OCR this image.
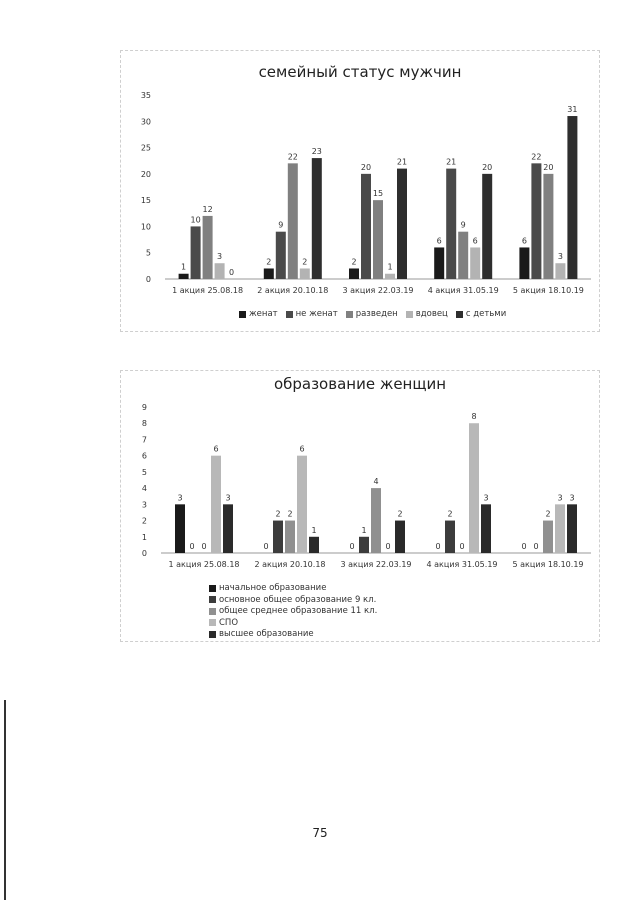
семейный статус мужчин
0
5
10
15
20
25
30
35
1
10
12
3
0
1 акция 25.08.18
2
9
22
2
23
2 акция 20.10.18
2
20
15
1
21
3 акция 22.03.19
6
21
9
6
20
4 акция 31.05.19
6
22
20
3
31
5 акция 18.10.19
женат не женат разведен вдовец с детьми
образование женщин
0
1
2
3
4
5
6
7
8
9
3
0 0
6
3
1 акция 25.08.18
0
2 2
6
1
2 акция 20.10.18
0
1
4
0
2
3 акция 22.03.19
0
2
0
8
3
4 акция 31.05.19
0 0
2
3 3
5 акция 18.10.19
начальное образование
основное общее образование 9 кл.

общее среднее образование 11 кл.
СПО

высшее образование
75
